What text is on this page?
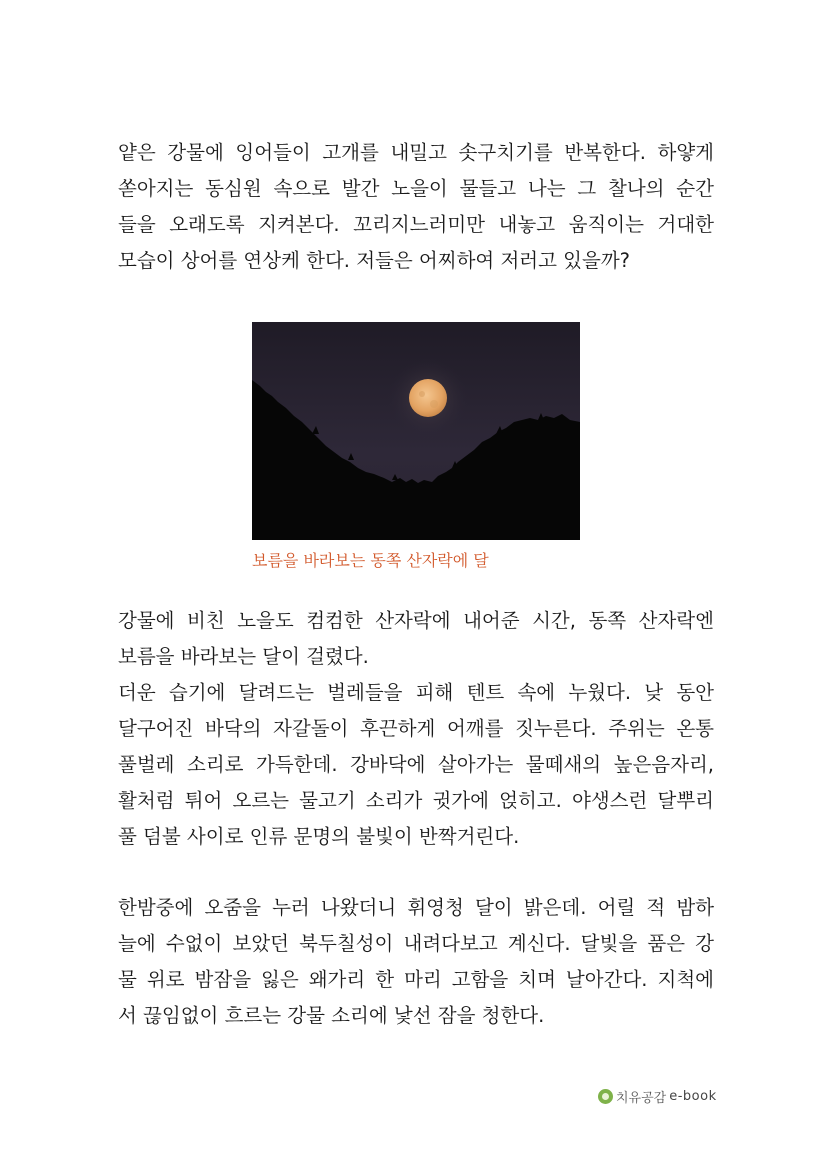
얕은 강물에 잉어들이 고개를 내밀고 솟구치기를 반복한다. 하얗게
쏟아지는 동심원 속으로 발간 노을이 물들고 나는 그 찰나의 순간
들을 오래도록 지켜본다. 꼬리지느러미만 내놓고 움직이는 거대한
모습이 상어를 연상케 한다. 저들은 어찌하여 저러고 있을까?
보름을 바라보는 동쪽 산자락에 달
강물에 비친 노을도 컴컴한 산자락에 내어준 시간, 동쪽 산자락엔
보름을 바라보는 달이 걸렸다.
더운 습기에 달려드는 벌레들을 피해 텐트 속에 누웠다. 낮 동안
달구어진 바닥의 자갈돌이 후끈하게 어깨를 짓누른다. 주위는 온통
풀벌레 소리로 가득한데. 강바닥에 살아가는 물떼새의 높은음자리,
활처럼 튀어 오르는 물고기 소리가 귓가에 얹히고. 야생스런 달뿌리
풀 덤불 사이로 인류 문명의 불빛이 반짝거린다.
한밤중에 오줌을 누러 나왔더니 휘영청 달이 밝은데. 어릴 적 밤하
늘에 수없이 보았던 북두칠성이 내려다보고 계신다. 달빛을 품은 강
물 위로 밤잠을 잃은 왜가리 한 마리 고함을 치며 날아간다. 지척에
서 끊임없이 흐르는 강물 소리에 낯선 잠을 청한다.
치유공감 e-book
